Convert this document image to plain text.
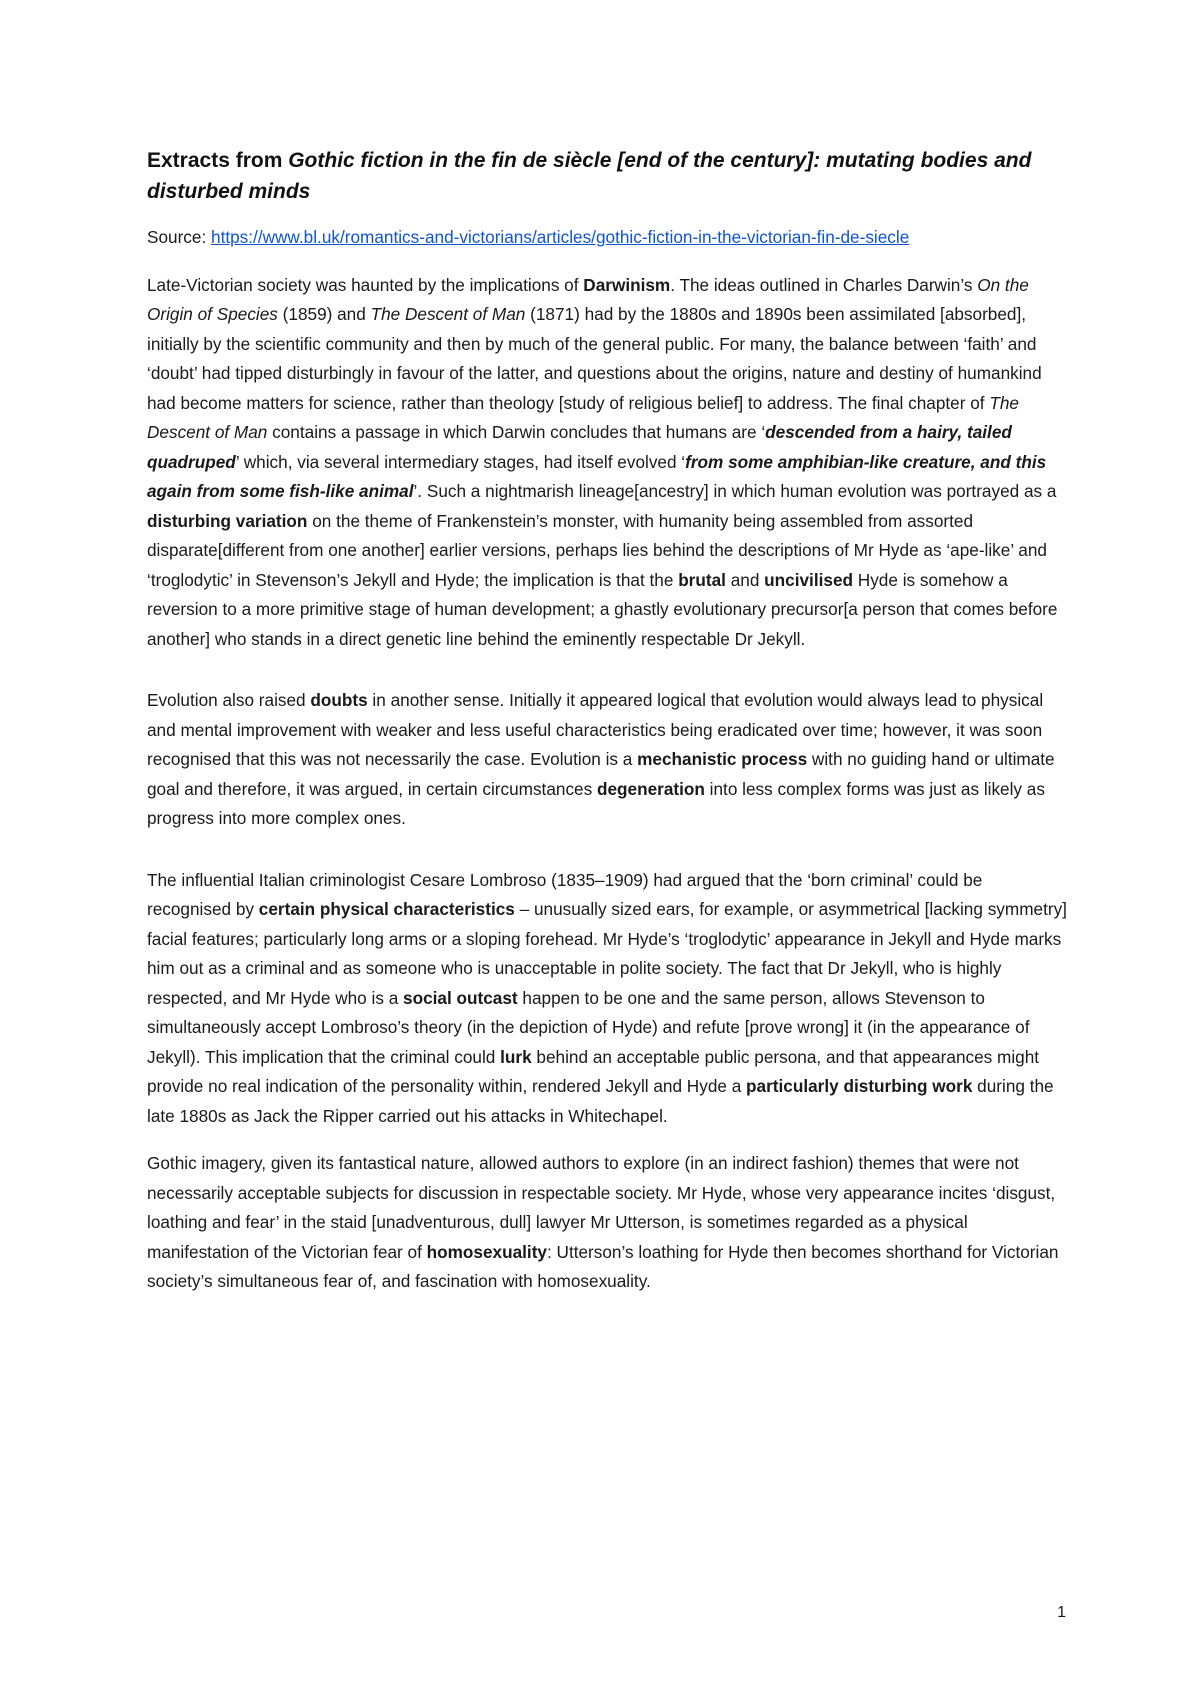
Extracts from Gothic fiction in the fin de siècle [end of the century]: mutating bodies and disturbed minds

Source: https://www.bl.uk/romantics-and-victorians/articles/gothic-fiction-in-the-victorian-fin-de-siecle

Late-Victorian society was haunted by the implications of Darwinism. The ideas outlined in Charles Darwin’s On the Origin of Species (1859) and The Descent of Man (1871) had by the 1880s and 1890s been assimilated [absorbed], initially by the scientific community and then by much of the general public. For many, the balance between ‘faith’ and ‘doubt’ had tipped disturbingly in favour of the latter, and questions about the origins, nature and destiny of humankind had become matters for science, rather than theology [study of religious belief] to address. The final chapter of The Descent of Man contains a passage in which Darwin concludes that humans are ‘descended from a hairy, tailed quadruped’ which, via several intermediary stages, had itself evolved ‘from some amphibian-like creature, and this again from some fish-like animal’. Such a nightmarish lineage[ancestry] in which human evolution was portrayed as a disturbing variation on the theme of Frankenstein’s monster, with humanity being assembled from assorted disparate[different from one another] earlier versions, perhaps lies behind the descriptions of Mr Hyde as ‘ape-like’ and ‘troglodytic’ in Stevenson’s Jekyll and Hyde; the implication is that the brutal and uncivilised Hyde is somehow a reversion to a more primitive stage of human development; a ghastly evolutionary precursor[a person that comes before another] who stands in a direct genetic line behind the eminently respectable Dr Jekyll.

Evolution also raised doubts in another sense. Initially it appeared logical that evolution would always lead to physical and mental improvement with weaker and less useful characteristics being eradicated over time; however, it was soon recognised that this was not necessarily the case. Evolution is a mechanistic process with no guiding hand or ultimate goal and therefore, it was argued, in certain circumstances degeneration into less complex forms was just as likely as progress into more complex ones.

The influential Italian criminologist Cesare Lombroso (1835–1909) had argued that the ‘born criminal’ could be recognised by certain physical characteristics – unusually sized ears, for example, or asymmetrical [lacking symmetry] facial features; particularly long arms or a sloping forehead. Mr Hyde’s ‘troglodytic’ appearance in Jekyll and Hyde marks him out as a criminal and as someone who is unacceptable in polite society. The fact that Dr Jekyll, who is highly respected, and Mr Hyde who is a social outcast happen to be one and the same person, allows Stevenson to simultaneously accept Lombroso’s theory (in the depiction of Hyde) and refute [prove wrong] it (in the appearance of Jekyll). This implication that the criminal could lurk behind an acceptable public persona, and that appearances might provide no real indication of the personality within, rendered Jekyll and Hyde a particularly disturbing work during the late 1880s as Jack the Ripper carried out his attacks in Whitechapel.

Gothic imagery, given its fantastical nature, allowed authors to explore (in an indirect fashion) themes that were not necessarily acceptable subjects for discussion in respectable society. Mr Hyde, whose very appearance incites ‘disgust, loathing and fear’ in the staid [unadventurous, dull] lawyer Mr Utterson, is sometimes regarded as a physical manifestation of the Victorian fear of homosexuality: Utterson’s loathing for Hyde then becomes shorthand for Victorian society’s simultaneous fear of, and fascination with homosexuality.

1
